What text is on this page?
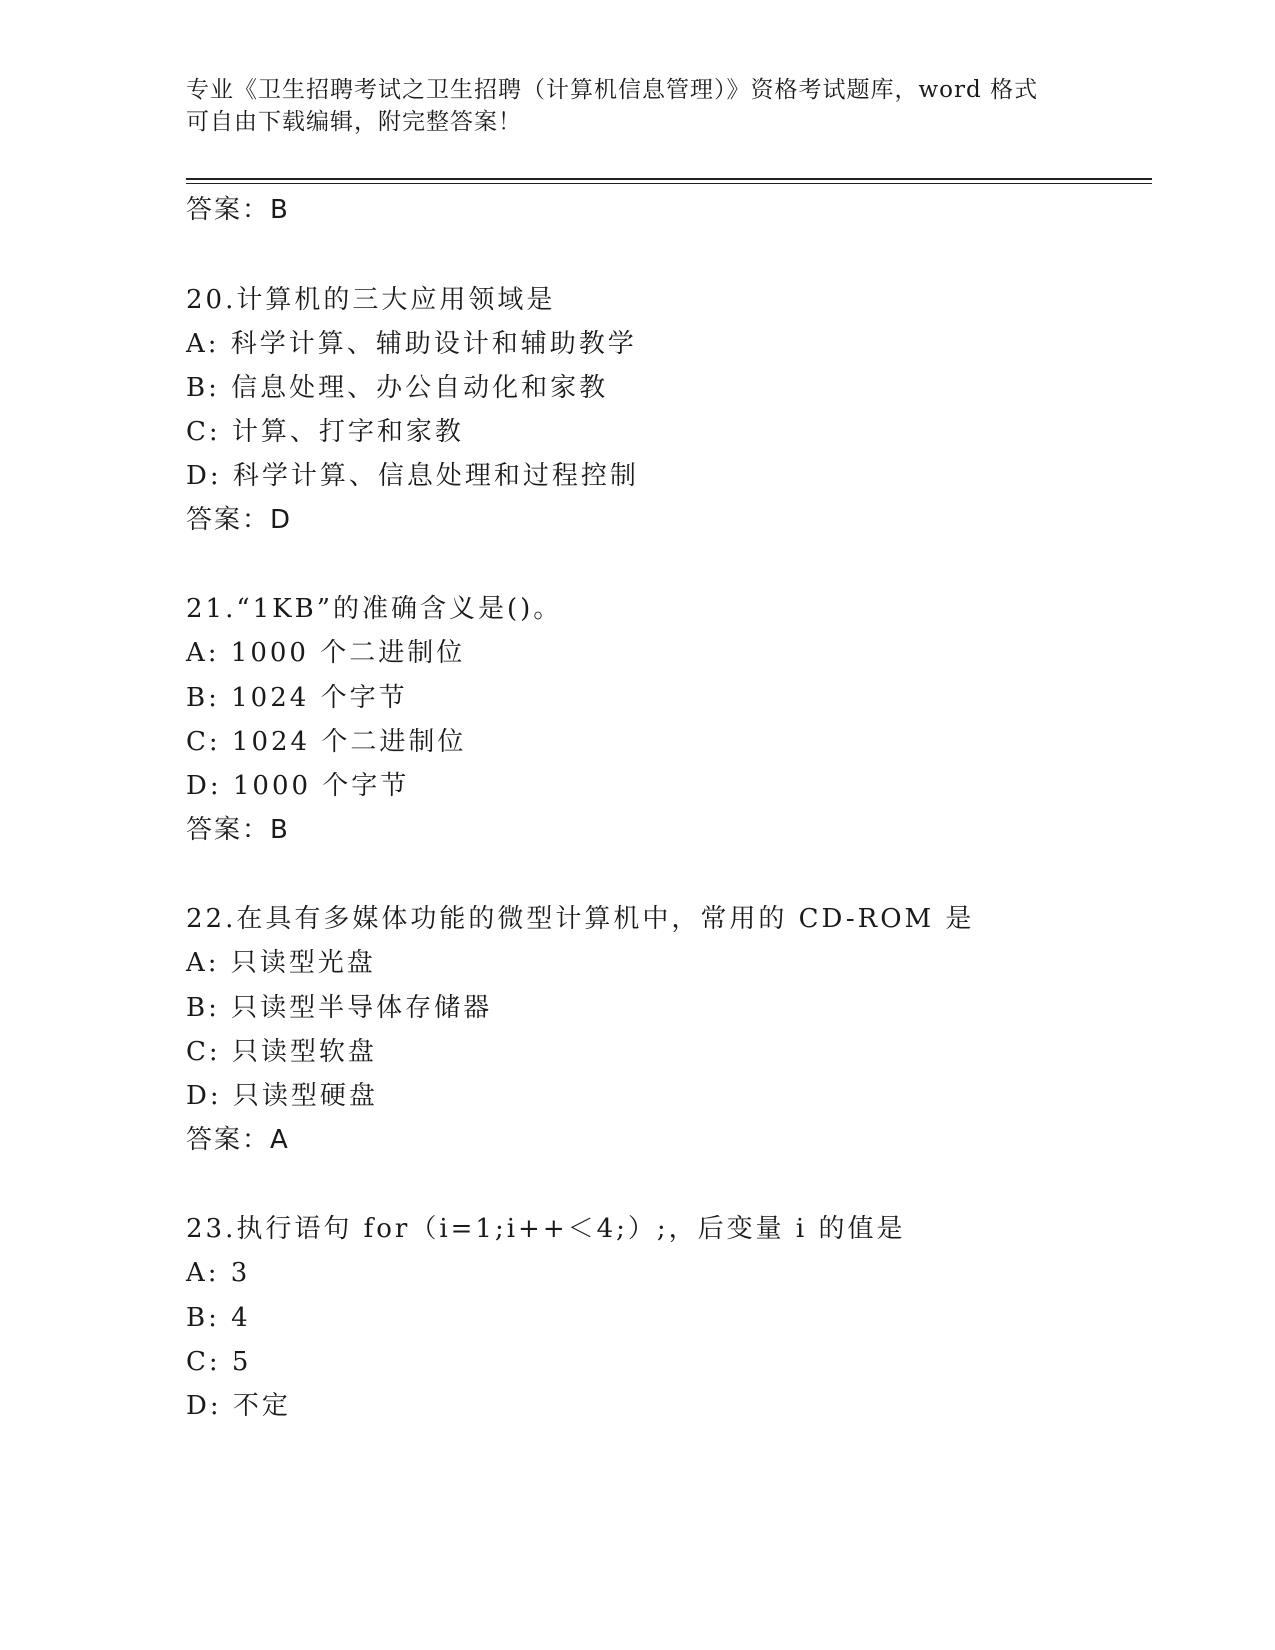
专业《卫生招聘考试之卫生招聘（计算机信息管理）》资格考试题库，word 格式
可自由下载编辑，附完整答案！
答案：B
20.计算机的三大应用领域是
A: 科学计算、辅助设计和辅助教学
B: 信息处理、办公自动化和家教
C: 计算、打字和家教
D: 科学计算、信息处理和过程控制
答案：D
21.“1KB”的准确含义是()。
A: 1000 个二进制位
B: 1024 个字节
C: 1024 个二进制位
D: 1000 个字节
答案：B
22.在具有多媒体功能的微型计算机中，常用的 CD-ROM 是
A: 只读型光盘
B: 只读型半导体存储器
C: 只读型软盘
D: 只读型硬盘
答案：A
23.执行语句 for（i=1;i++＜4;）;，后变量 i 的值是
A: 3
B: 4
C: 5
D: 不定
